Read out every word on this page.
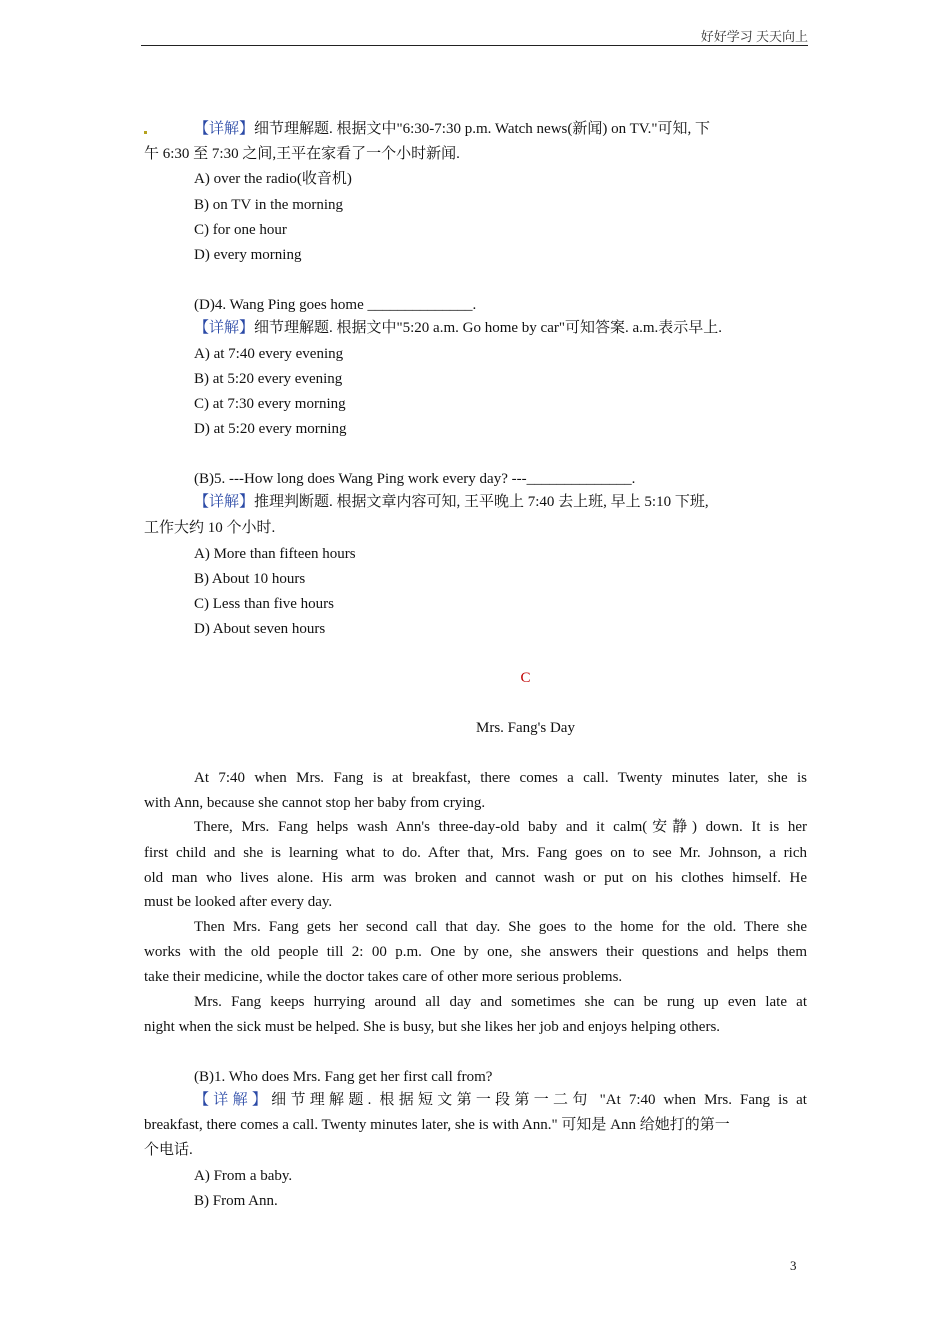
好好学习 天天向上
【详解】细节理解题. 根据文中"6:30-7:30 p.m. Watch news(新闻) on TV."可知, 下
午 6:30 至 7:30 之间,王平在家看了一个小时新闻.
A) over the radio(收音机)
B) on TV in the morning
C) for one hour
D) every morning
(D)4. Wang Ping goes home ______________.
【详解】细节理解题. 根据文中"5:20 a.m. Go home by car"可知答案. a.m.表示早上.
A) at 7:40 every evening
B) at 5:20 every evening
C) at 7:30 every morning
D) at 5:20 every morning
(B)5. ---How long does Wang Ping work every day? ---______________.
【详解】推理判断题. 根据文章内容可知, 王平晚上 7:40 去上班, 早上 5:10 下班,
工作大约 10 个小时.
A) More than fifteen hours
B) About 10 hours
C) Less than five hours
D) About seven hours
C
Mrs. Fang's Day
At 7:40 when Mrs. Fang is at breakfast, there comes a call. Twenty minutes later, she is
with Ann, because she cannot stop her baby from crying.
There, Mrs. Fang helps wash Ann's three-day-old baby and it calm(安静) down. It is her
first child and she is learning what to do. After that, Mrs. Fang goes on to see Mr. Johnson, a rich
old man who lives alone. His arm was broken and cannot wash or put on his clothes himself. He
must be looked after every day.
Then Mrs. Fang gets her second call that day. She goes to the home for the old. There she
works with the old people till 2: 00 p.m. One by one, she answers their questions and helps them
take their medicine, while the doctor takes care of other more serious problems.
Mrs. Fang keeps hurrying around all day and sometimes she can be rung up even late at
night when the sick must be helped. She is busy, but she likes her job and enjoys helping others.
(B)1. Who does Mrs. Fang get her first call from?
【详解】细节理解题. 根据短文第一段第一二句 "At 7:40 when Mrs. Fang is at
breakfast, there comes a call. Twenty minutes later, she is with Ann." 可知是 Ann 给她打的第一
个电话.
A) From a baby.
B) From Ann.
3
